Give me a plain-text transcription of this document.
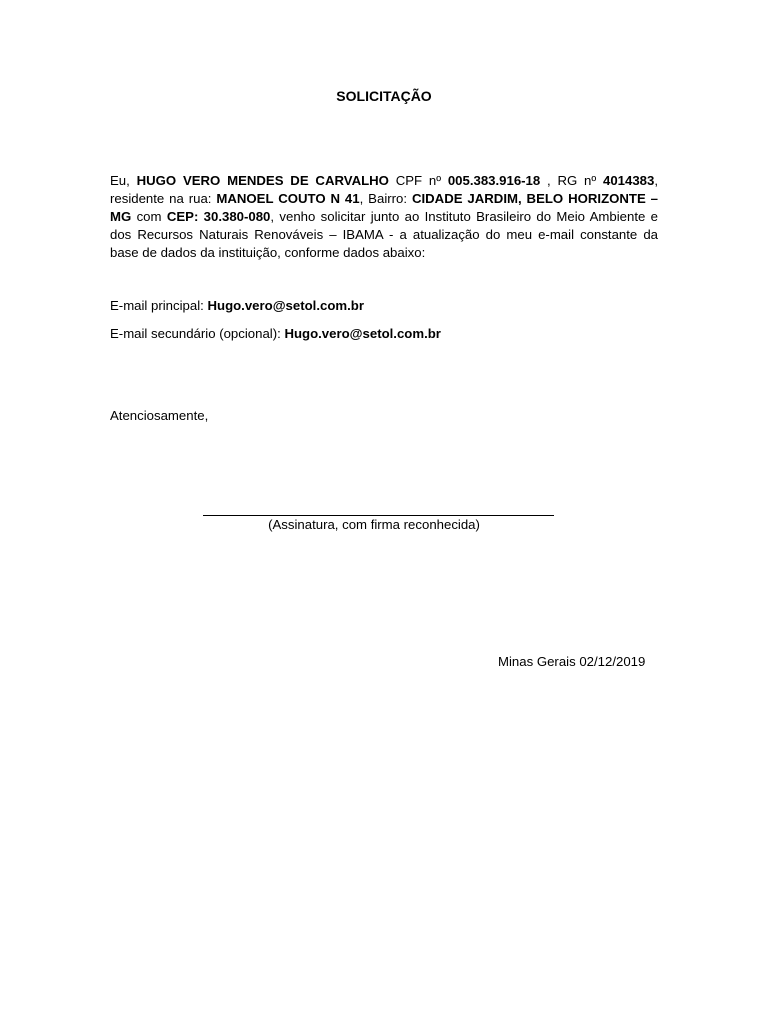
SOLICITAÇÃO
Eu, HUGO VERO MENDES DE CARVALHO CPF nº 005.383.916-18 , RG nº 4014383, residente na rua: MANOEL COUTO N 41, Bairro: CIDADE JARDIM, BELO HORIZONTE – MG com CEP: 30.380-080, venho solicitar junto ao Instituto Brasileiro do Meio Ambiente e dos Recursos Naturais Renováveis – IBAMA - a atualização do meu e-mail constante da base de dados da instituição, conforme dados abaixo:
E-mail principal: Hugo.vero@setol.com.br
E-mail secundário (opcional): Hugo.vero@setol.com.br
Atenciosamente,
(Assinatura, com firma reconhecida)
Minas Gerais 02/12/2019
